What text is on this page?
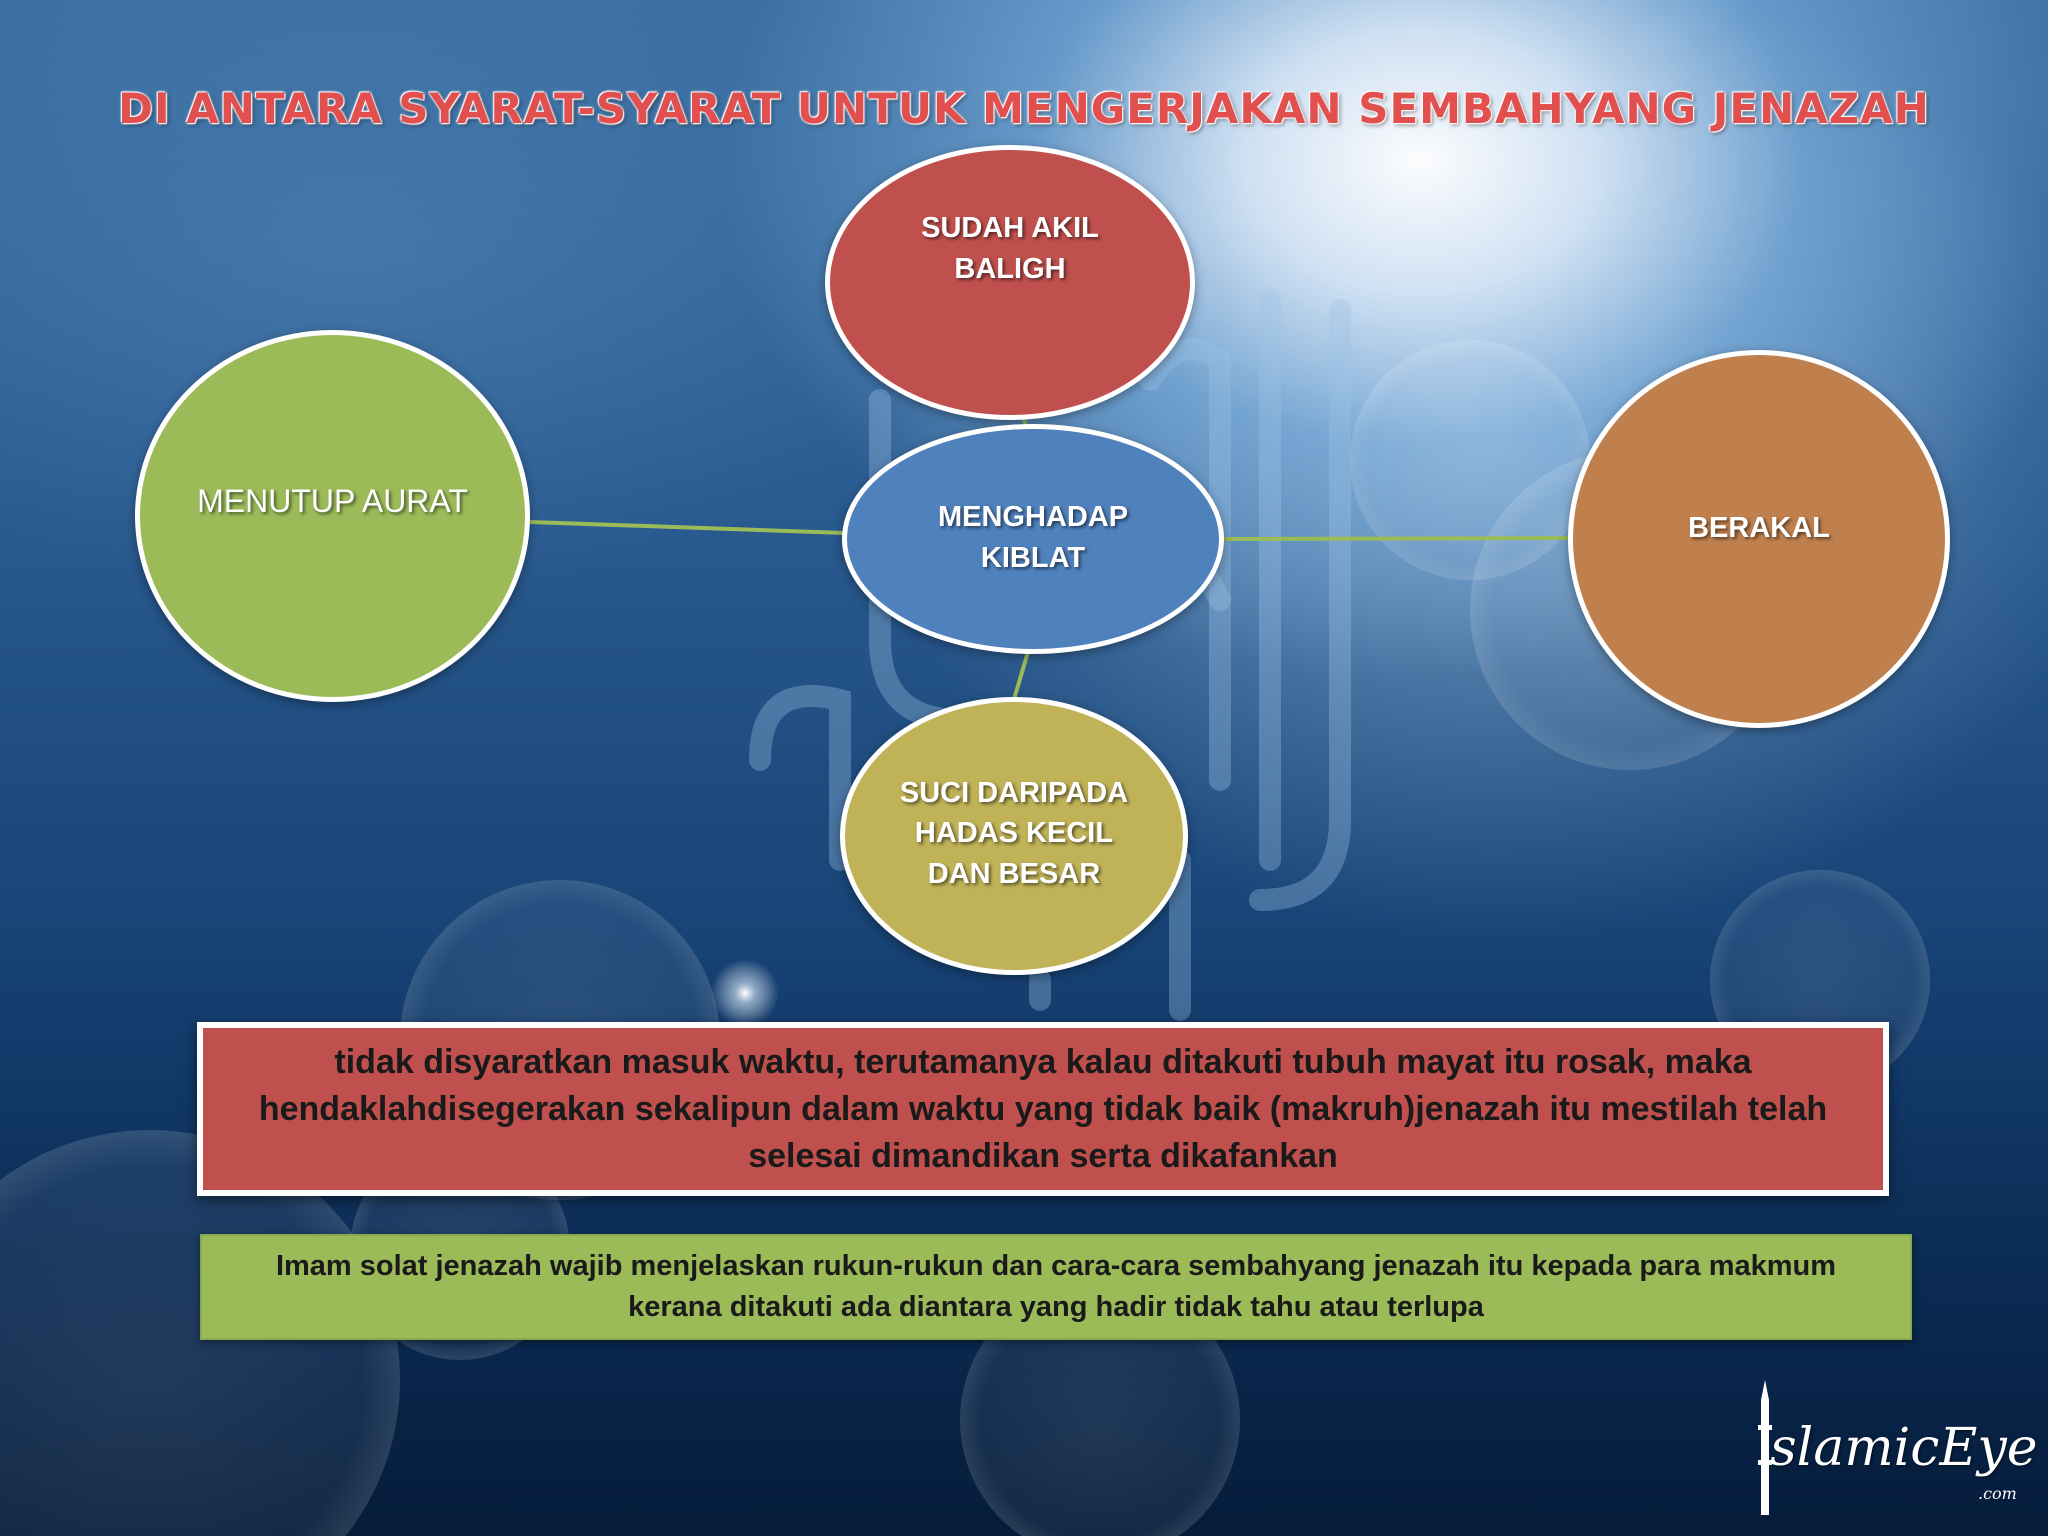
DI ANTARA SYARAT-SYARAT UNTUK MENGERJAKAN SEMBAHYANG JENAZAH
SUDAH AKIL BALIGH
MENUTUP AURAT	MENGHADAP KIBLAT
BERAKAL
SUCI DARIPADA HADAS KECIL DAN BESAR
tidak disyaratkan masuk waktu, terutamanya kalau ditakuti tubuh mayat itu rosak, maka hendaklahdisegerakan sekalipun dalam waktu yang tidak baik (makruh)jenazah itu mestilah telah selesai dimandikan serta dikafankan
Imam solat jenazah wajib menjelaskan rukun-rukun dan cara-cara sembahyang jenazah itu kepada para makmum kerana ditakuti ada diantara yang hadir tidak tahu atau terlupa
slamicEye
.com
